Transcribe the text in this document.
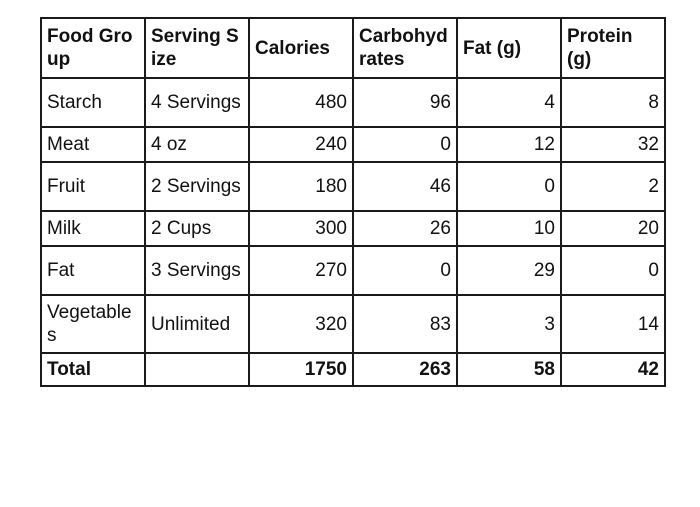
Food Group	Serving Size	Calories	Carbohydrates	Fat (g)	Protein (g)
Starch	4 Servings	480	96	4	8
Meat	4 oz	240	0	12	32
Fruit	2 Servings	180	46	0	2
Milk	2 Cups	300	26	10	20
Fat	3 Servings	270	0	29	0
Vegetables	Unlimited	320	83	3	14
Total		1750	263	58	42
